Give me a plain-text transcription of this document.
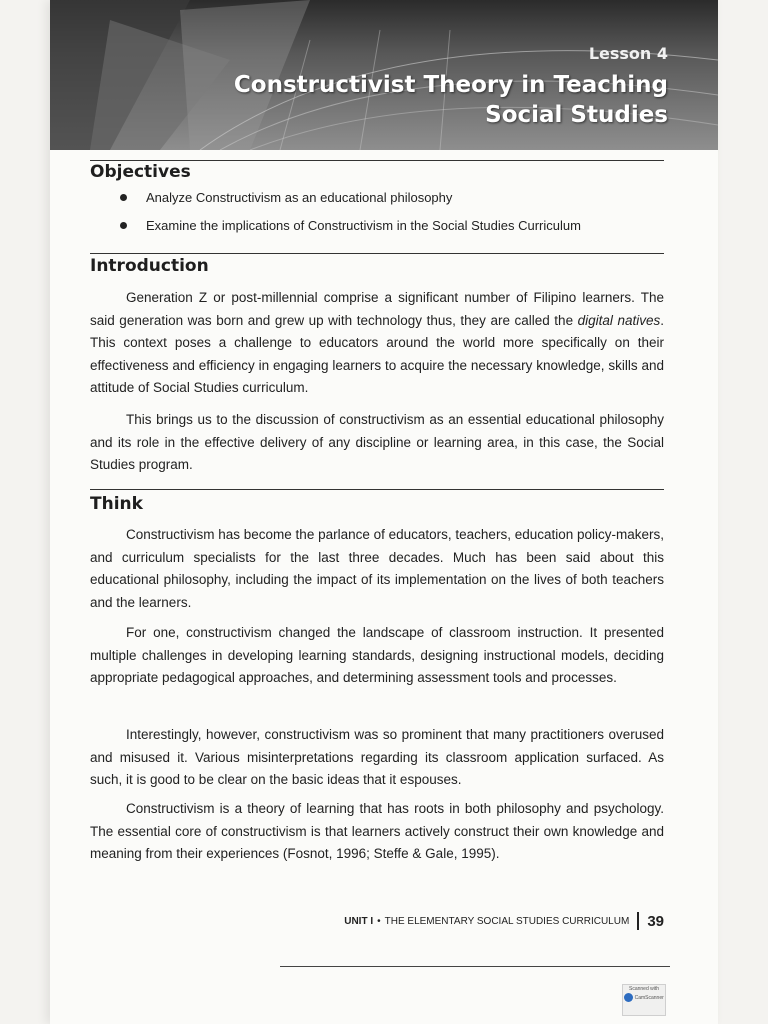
Lesson 4
Constructivist Theory in Teaching
Social Studies
Objectives
Analyze Constructivism as an educational philosophy
Examine the implications of Constructivism in the Social Studies Curriculum
Introduction

Generation Z or post-millennial comprise a significant number of Filipino learners. The said generation was born and grew up with technology thus, they are called the digital natives. This context poses a challenge to educators around the world more specifically on their effectiveness and efficiency in engaging learners to acquire the necessary knowledge, skills and attitude of Social Studies curriculum.

This brings us to the discussion of constructivism as an essential educational philosophy and its role in the effective delivery of any discipline or learning area, in this case, the Social Studies program.

Think

Constructivism has become the parlance of educators, teachers, education policy-makers, and curriculum specialists for the last three decades. Much has been said about this educational philosophy, including the impact of its implementation on the lives of both teachers and the learners.

For one, constructivism changed the landscape of classroom instruction. It presented multiple challenges in developing learning standards, designing instructional models, deciding appropriate pedagogical approaches, and determining assessment tools and processes.

Interestingly, however, constructivism was so prominent that many practitioners overused and misused it. Various misinterpretations regarding its classroom application surfaced. As such, it is good to be clear on the basic ideas that it espouses.

Constructivism is a theory of learning that has roots in both philosophy and psychology. The essential core of constructivism is that learners actively construct their own knowledge and meaning from their experiences (Fosnot, 1996; Steffe & Gale, 1995).

UNIT I • THE ELEMENTARY SOCIAL STUDIES CURRICULUM 39
Scanned with
CamScanner
